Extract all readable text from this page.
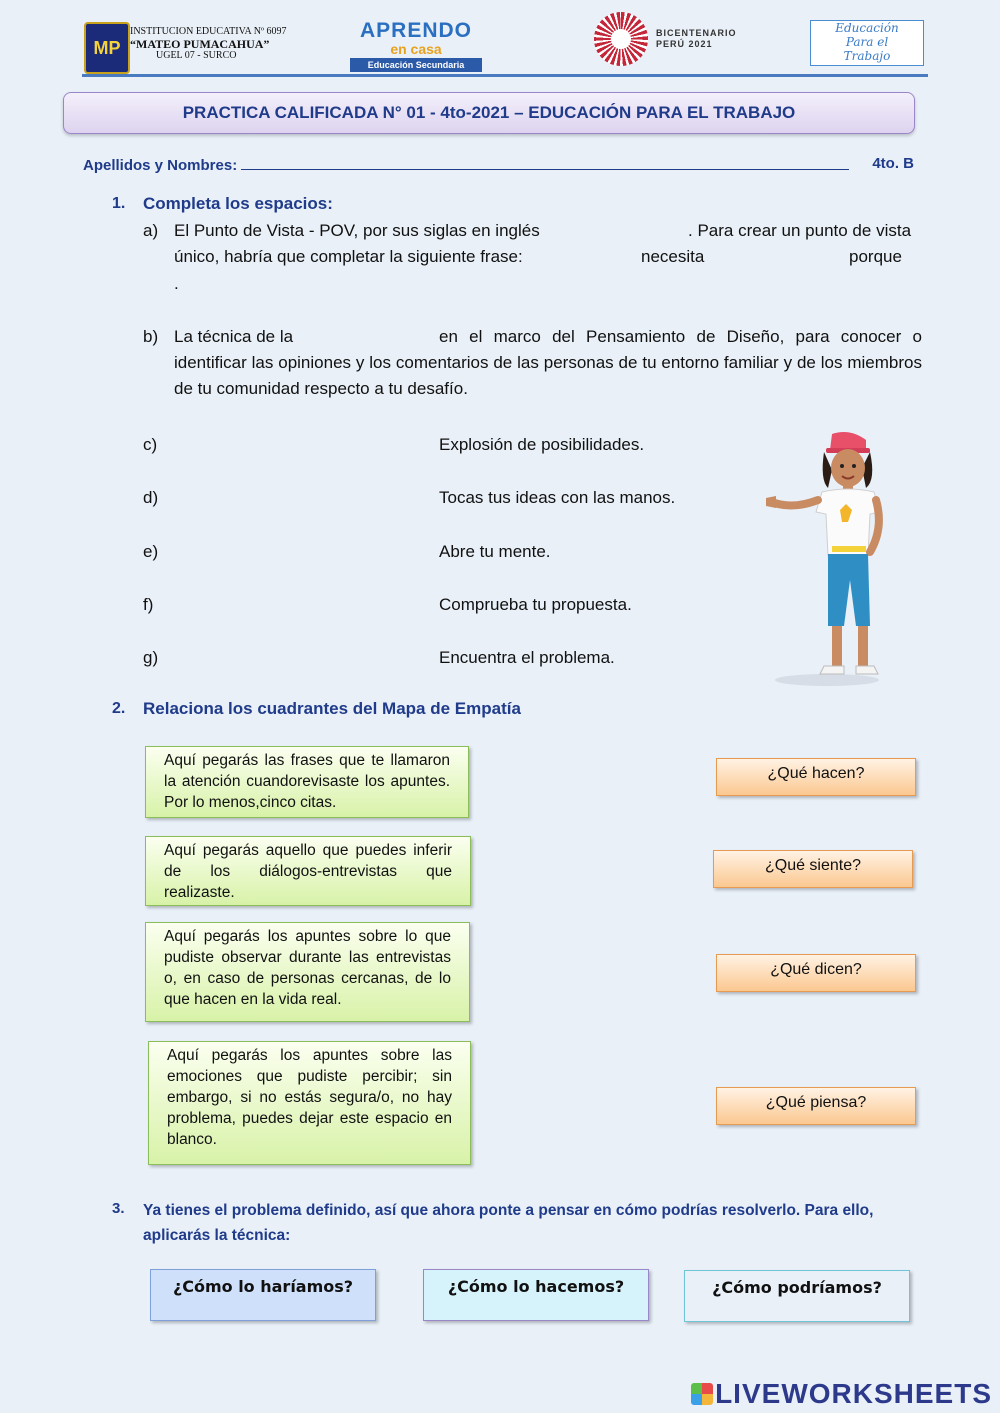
MP
INSTITUCION EDUCATIVA Nº 6097
“MATEO PUMACAHUA”
UGEL 07 - SURCO
APRENDO
en casa
Educación Secundaria
BICENTENARIO
PERÚ 2021
Educación
Para el
Trabajo
PRACTICA CALIFICADA N° 01 - 4to-2021 – EDUCACIÓN PARA EL TRABAJO
Apellidos y Nombres:	4to. B
1. Completa los espacios:
a) El Punto de Vista - POV, por sus siglas en inglés	. Para crear un punto de vista
único, habría que completar la siguiente frase:	necesita	porque
.
b) La técnica de la	en el marco del Pensamiento de Diseño, para conocer o identificar las opiniones y los comentarios de las personas de tu entorno familiar y de los miembros de tu comunidad respecto a tu desafío.
c)	Explosión de posibilidades.
d)	Tocas tus ideas con las manos.
e)	Abre tu mente.
f)	Comprueba tu propuesta.
g)	Encuentra el problema.
2. Relaciona los cuadrantes del Mapa de Empatía
Aquí pegarás las frases que te llamaron la atención cuandorevisaste los apuntes. Por lo menos,cinco citas.
Aquí pegarás aquello que puedes inferir de los diálogos-entrevistas que realizaste.
Aquí pegarás los apuntes sobre lo que pudiste observar durante las entrevistas o, en caso de personas cercanas, de lo que hacen en la vida real.
Aquí pegarás los apuntes sobre las emociones que pudiste percibir; sin embargo, si no estás segura/o, no hay problema, puedes dejar este espacio en blanco.
¿Qué hacen?
¿Qué siente?
¿Qué dicen?
¿Qué piensa?
3. Ya tienes el problema definido, así que ahora ponte a pensar en cómo podrías resolverlo. Para ello, aplicarás la técnica:
¿Cómo lo haríamos?	¿Cómo lo hacemos?	¿Cómo podríamos?
LIVEWORKSHEETS
